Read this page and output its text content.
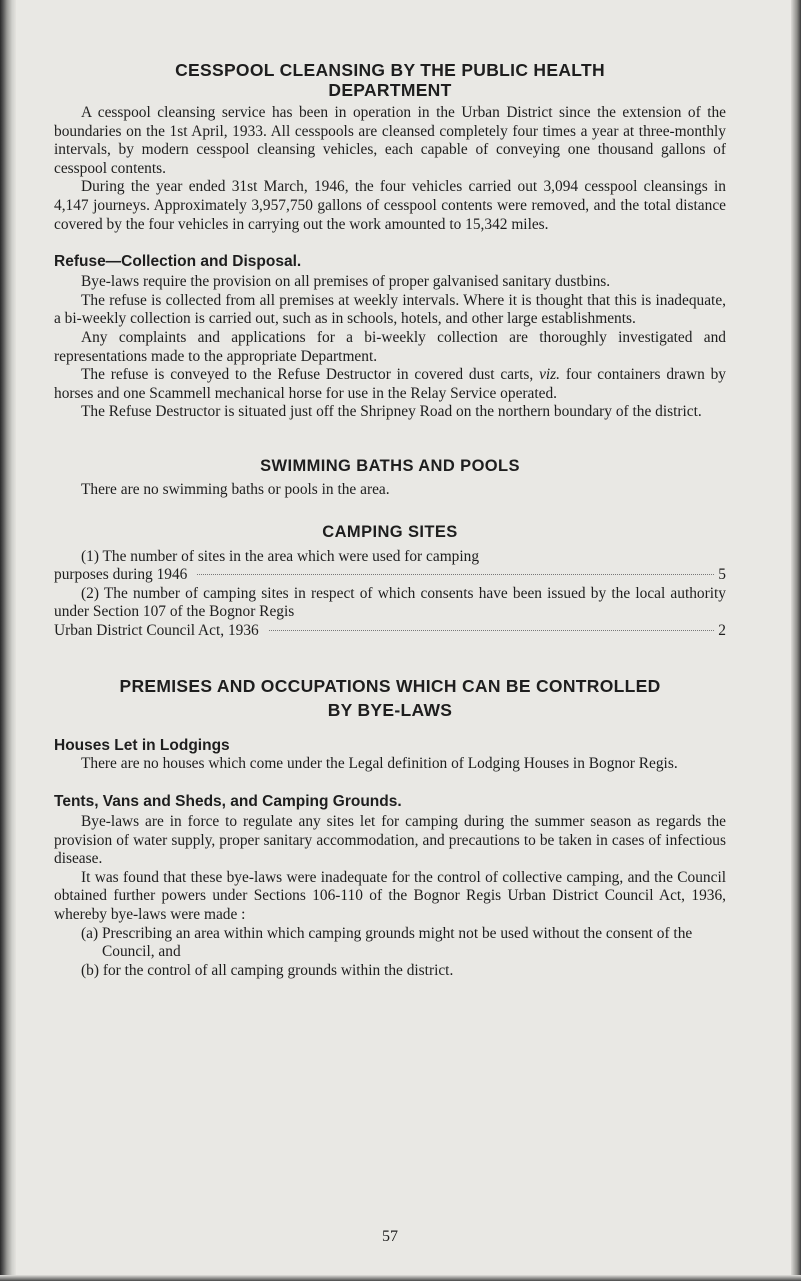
CESSPOOL CLEANSING BY THE PUBLIC HEALTH
DEPARTMENT

A cesspool cleansing service has been in operation in the Urban District since the extension of the boundaries on the 1st April, 1933. All cesspools are cleansed completely four times a year at three-monthly intervals, by modern cesspool cleansing vehicles, each capable of conveying one thousand gallons of cesspool contents.

During the year ended 31st March, 1946, the four vehicles carried out 3,094 cesspool cleansings in 4,147 journeys. Approximately 3,957,750 gallons of cesspool contents were removed, and the total distance covered by the four vehicles in carrying out the work amounted to 15,342 miles.

Refuse—Collection and Disposal.

Bye-laws require the provision on all premises of proper galvanised sanitary dustbins.

The refuse is collected from all premises at weekly intervals. Where it is thought that this is inadequate, a bi-weekly collection is carried out, such as in schools, hotels, and other large establishments.

Any complaints and applications for a bi-weekly collection are thoroughly investigated and representations made to the appropriate Department.

The refuse is conveyed to the Refuse Destructor in covered dust carts, viz. four containers drawn by horses and one Scammell mechanical horse for use in the Relay Service operated.

The Refuse Destructor is situated just off the Shripney Road on the northern boundary of the district.

SWIMMING BATHS AND POOLS

There are no swimming baths or pools in the area.

CAMPING SITES
(1) The number of sites in the area which were used for camping
purposes during 1946	5
(2) The number of camping sites in respect of which consents have been issued by the local authority under Section 107 of the Bognor Regis
Urban District Council Act, 1936	2
PREMISES AND OCCUPATIONS WHICH CAN BE CONTROLLED
BY BYE-LAWS
Houses Let in Lodgings

There are no houses which come under the Legal definition of Lodging Houses in Bognor Regis.

Tents, Vans and Sheds, and Camping Grounds.

Bye-laws are in force to regulate any sites let for camping during the summer season as regards the provision of water supply, proper sanitary accommodation, and precautions to be taken in cases of infectious disease.

It was found that these bye-laws were inadequate for the control of collective camping, and the Council obtained further powers under Sections 106-110 of the Bognor Regis Urban District Council Act, 1936, whereby bye-laws were made :

(a) Prescribing an area within which camping grounds might not be used without the consent of the Council, and
(b) for the control of all camping grounds within the district.
57
